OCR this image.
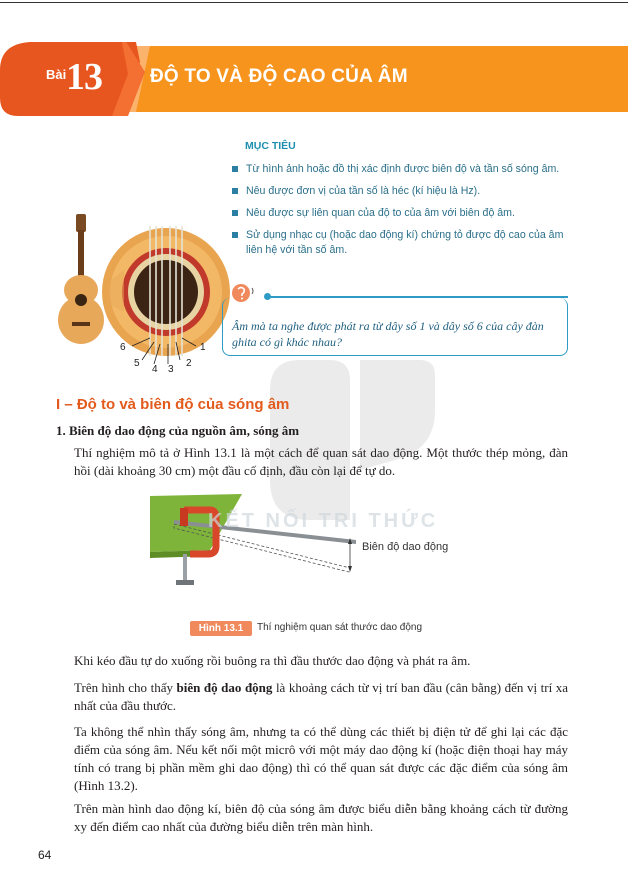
Bài 13	ĐỘ TO VÀ ĐỘ CAO CỦA ÂM
MỤC TIÊU
Từ hình ảnh hoặc đồ thị xác định được biên độ và tần số sóng âm.
Nêu được đơn vị của tần số là héc (kí hiệu là Hz).
Nêu được sự liên quan của độ to của âm với biên độ âm.
Sử dụng nhạc cụ (hoặc dao động kí) chứng tỏ được độ cao của âm liên hệ với tần số âm.
6
5
4 3
2
1
Âm mà ta nghe được phát ra từ dây số 1 và dây số 6 của cây đàn ghita có gì khác nhau?
I – Độ to và biên độ của sóng âm
1. Biên độ dao động của nguồn âm, sóng âm
Thí nghiệm mô tả ở Hình 13.1 là một cách để quan sát dao động. Một thước thép mỏng, đàn hồi (dài khoảng 30 cm) một đầu cố định, đầu còn lại để tự do.
KẾT NỐI TRI THỨC
Biên độ dao động
Hình 13.1	Thí nghiệm quan sát thước dao động
Khi kéo đầu tự do xuống rồi buông ra thì đầu thước dao động và phát ra âm.
Trên hình cho thấy biên độ dao động là khoảng cách từ vị trí ban đầu (cân bằng) đến vị trí xa nhất của đầu thước.
Ta không thể nhìn thấy sóng âm, nhưng ta có thể dùng các thiết bị điện tử để ghi lại các đặc điểm của sóng âm. Nếu kết nối một micrô với một máy dao động kí (hoặc điện thoại hay máy tính có trang bị phần mềm ghi dao động) thì có thể quan sát được các đặc điểm của sóng âm (Hình 13.2).
Trên màn hình dao động kí, biên độ của sóng âm được biểu diễn bằng khoảng cách từ đường xy đến điểm cao nhất của đường biểu diễn trên màn hình.
64
